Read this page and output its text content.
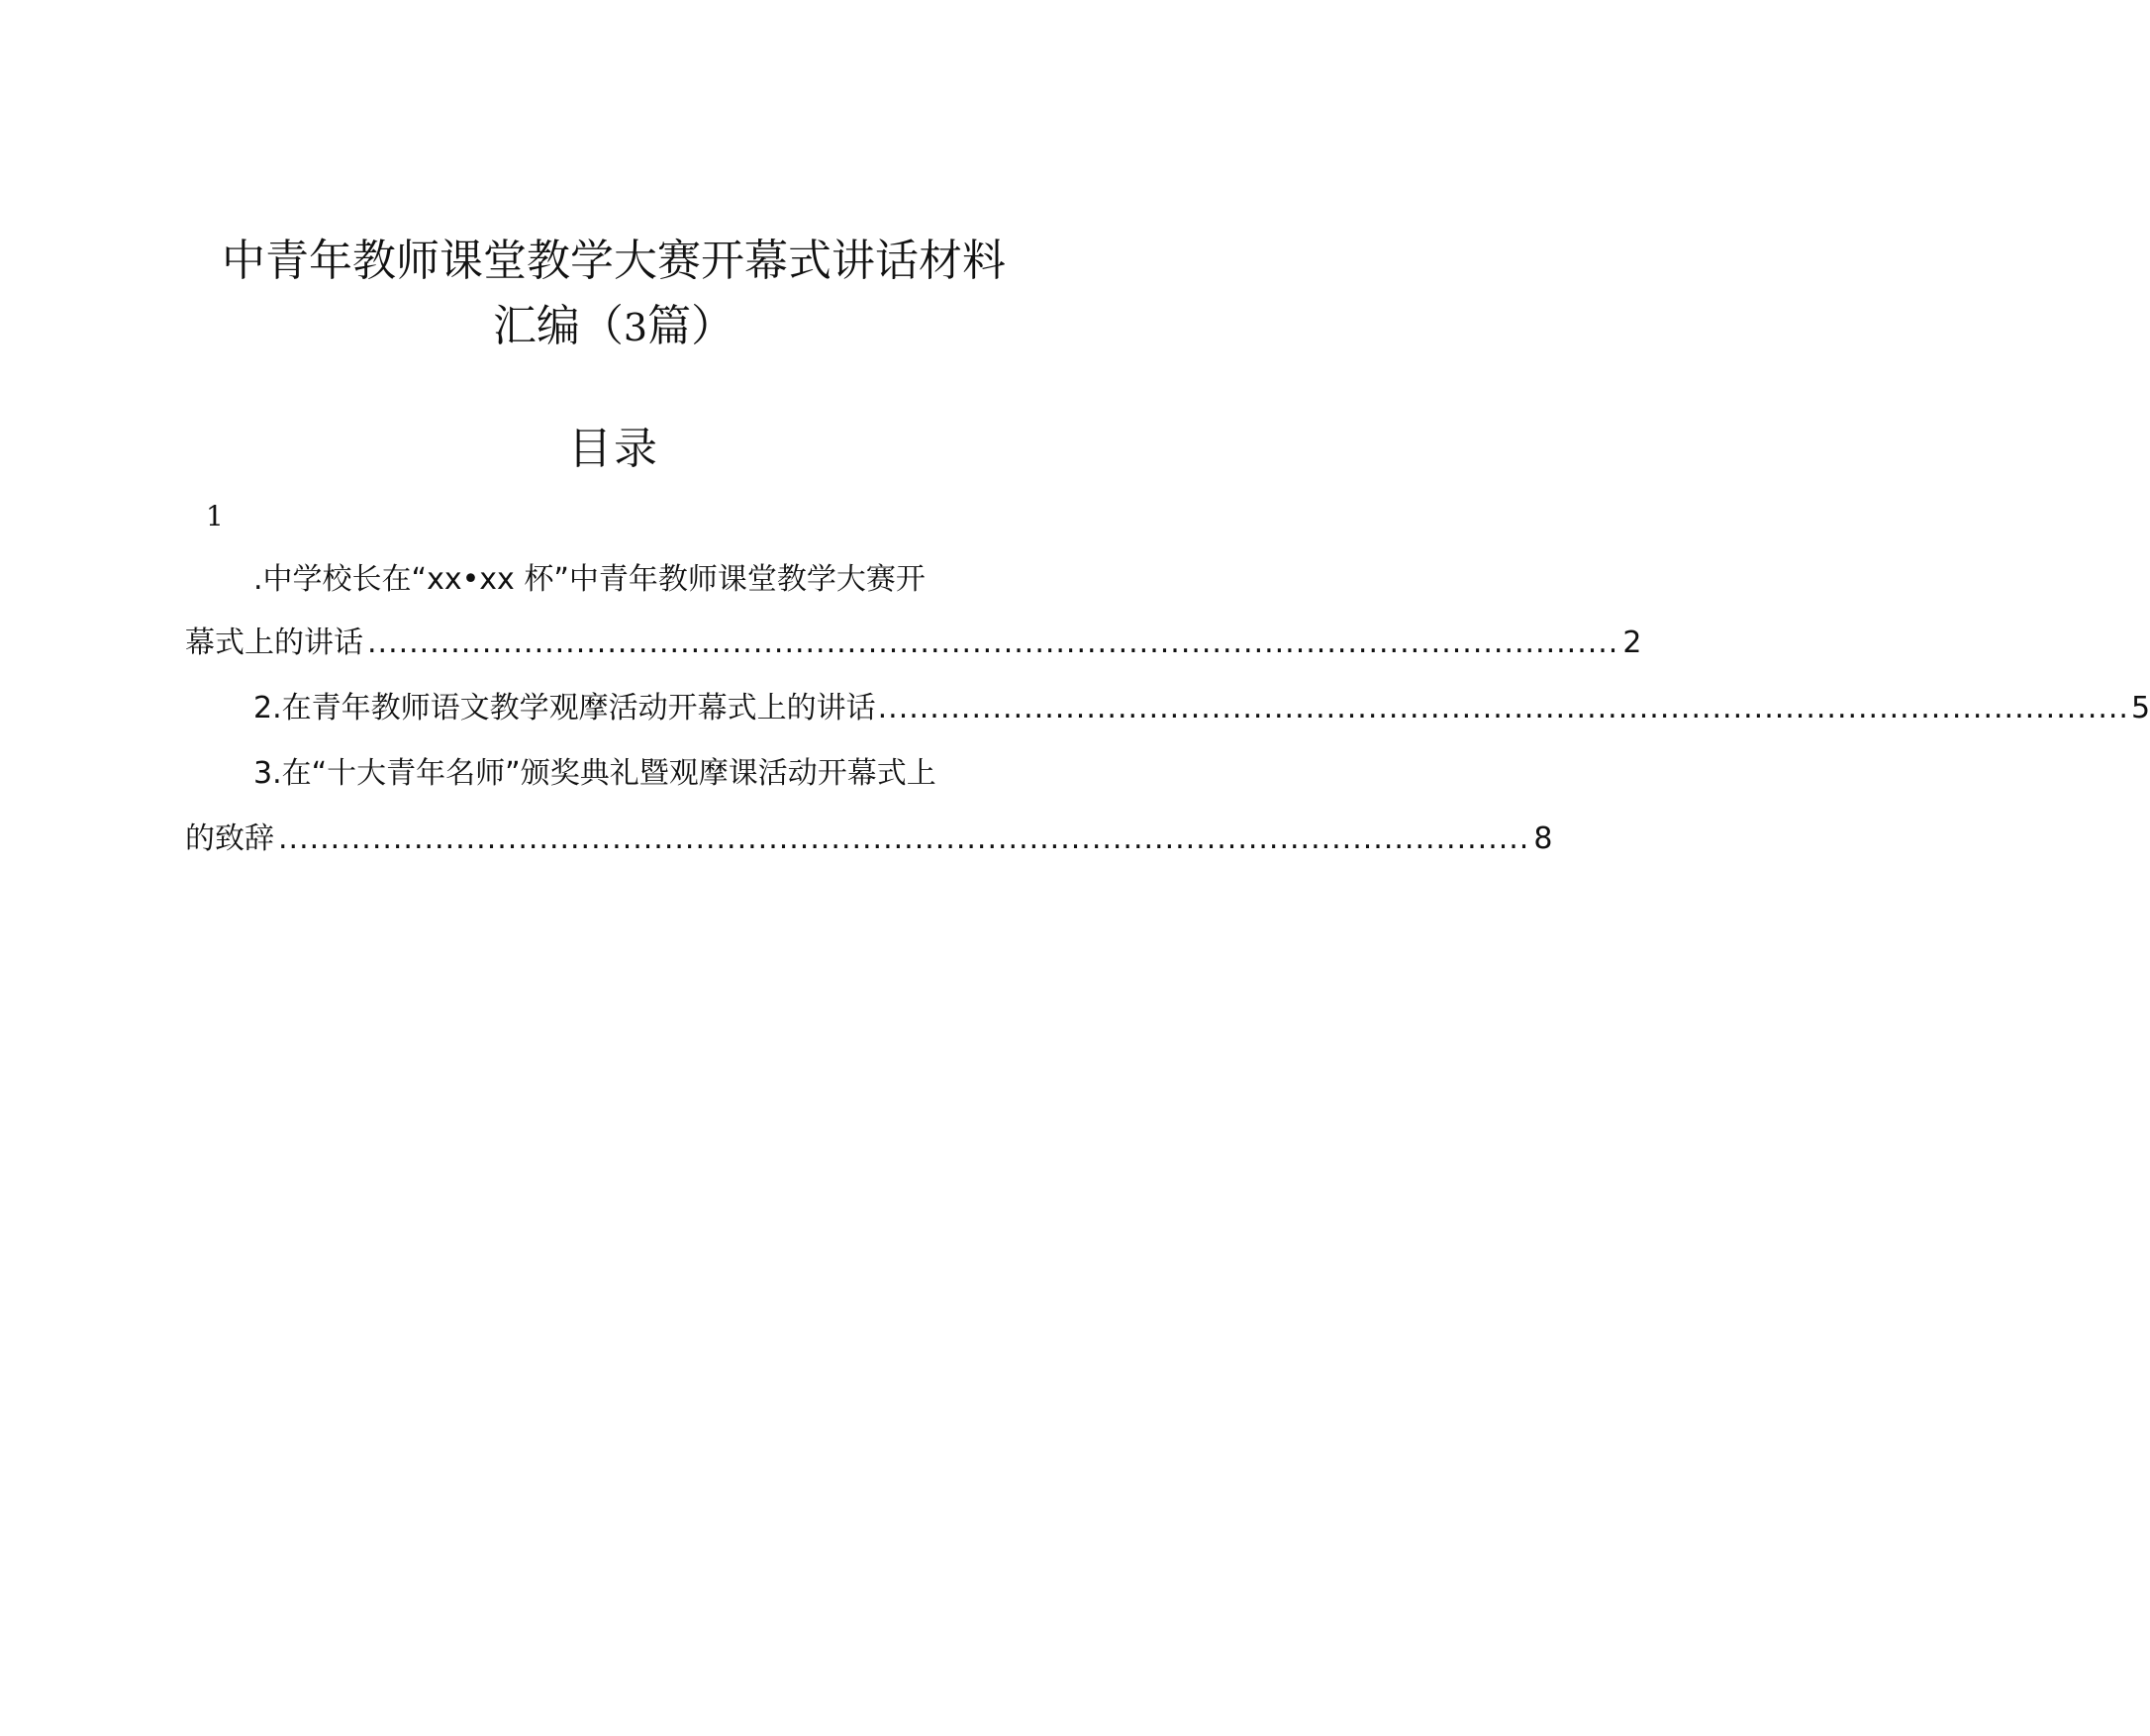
中青年教师课堂教学大赛开幕式讲话材料
汇编（3篇）
目录
1
.中学校长在“xx•xx 杯”中青年教师课堂教学大赛开
幕式上的讲话 ........................................................................................................................ 2
2.在青年教师语文教学观摩活动开幕式上的讲话 ........................................................................................................................ 5
3.在“十大青年名师”颁奖典礼暨观摩课活动开幕式上
的致辞 ........................................................................................................................ 8
